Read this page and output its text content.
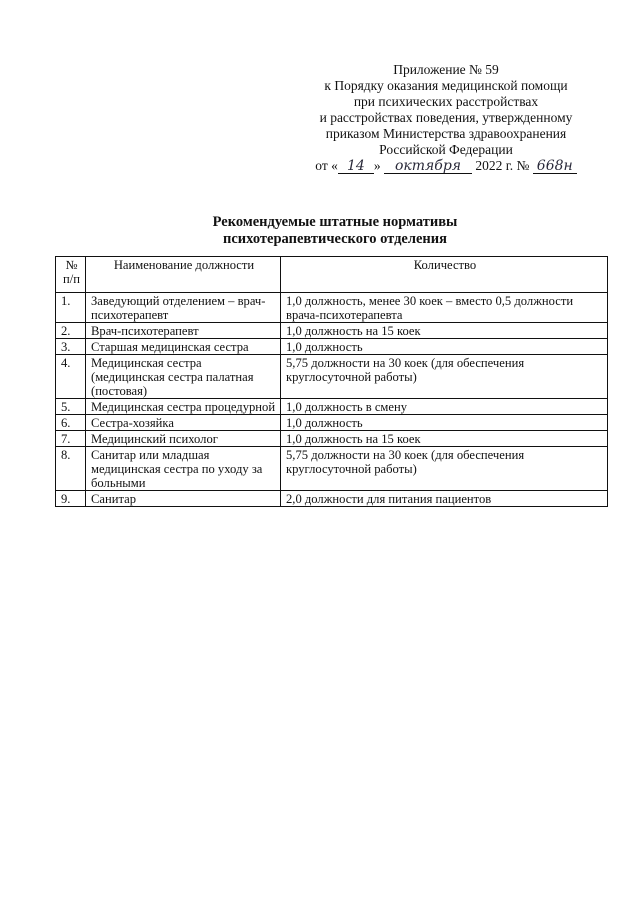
Приложение № 59
к Порядку оказания медицинской помощи
при психических расстройствах
и расстройствах поведения, утвержденному
приказом Министерства здравоохранения
Российской Федерации
от « 14 » октября 2022 г. № 668н
Рекомендуемые штатные нормативы
психотерапевтического отделения
№ п/п	Наименование должности	Количество
1.	Заведующий отделением – врач-психотерапевт	1,0 должность, менее 30 коек – вместо 0,5 должности врача-психотерапевта
2.	Врач-психотерапевт	1,0 должность на 15 коек
3.	Старшая медицинская сестра	1,0 должность
4.	Медицинская сестра (медицинская сестра палатная (постовая)	5,75 должности на 30 коек (для обеспечения круглосуточной работы)
5.	Медицинская сестра процедурной	1,0 должность в смену
6.	Сестра-хозяйка	1,0 должность
7.	Медицинский психолог	1,0 должность на 15 коек
8.	Санитар или младшая медицинская сестра по уходу за больными	5,75 должности на 30 коек (для обеспечения круглосуточной работы)
9.	Санитар	2,0 должности для питания пациентов
